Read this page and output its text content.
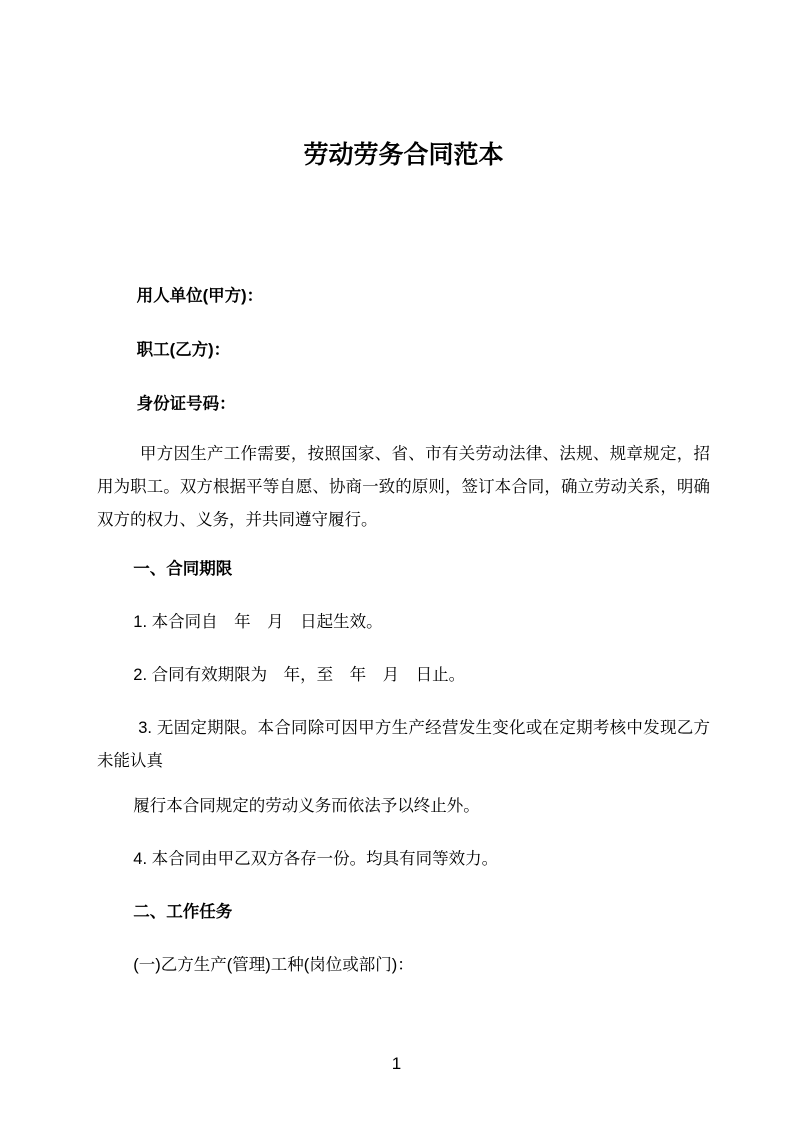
劳动劳务合同范本

用人单位(甲方)：

职工(乙方)：

身份证号码：

甲方因生产工作需要，按照国家、省、市有关劳动法律、法规、规章规定，招用为职工。双方根据平等自愿、协商一致的原则，签订本合同，确立劳动关系，明确双方的权力、义务，并共同遵守履行。

一、合同期限

1. 本合同自　年　月　日起生效。

2. 合同有效期限为　年，至　年　月　日止。

3. 无固定期限。本合同除可因甲方生产经营发生变化或在定期考核中发现乙方未能认真

履行本合同规定的劳动义务而依法予以终止外。

4. 本合同由甲乙双方各存一份。均具有同等效力。

二、工作任务

(一)乙方生产(管理)工种(岗位或部门)：

1
